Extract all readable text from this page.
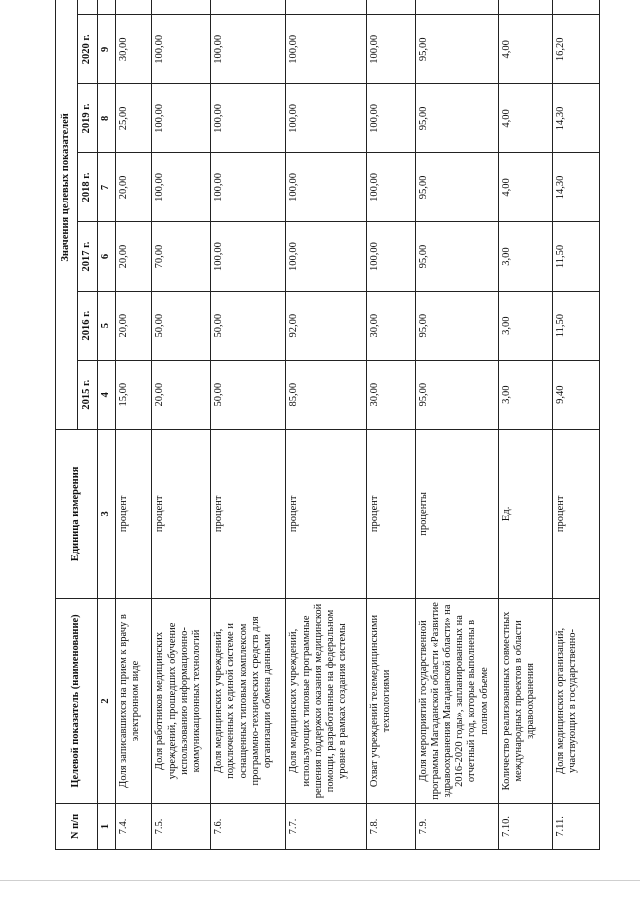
N п/п	Целевой показатель (наименование)	Единица измерения	Значения целевых показателей						
			2015 г.	2016 г.	2017 г.	2018 г.	2019 г.	2020 г.	
1	2	3	4	5	6	7	8	9	
7.4.	Доля записавшихся на прием к врачу в электронном виде	процент	15,00	20,00	20,00	20,00	25,00	30,00	
7.5.	Доля работников медицинских учреждений, прошедших обучение использованию информационно-коммуникационных технологий	процент	20,00	50,00	70,00	100,00	100,00	100,00	
7.6.	Доля медицинских учреждений, подключенных к единой системе и оснащенных типовым комплексом программно-технических средств для организации обмена данными	процент	50,00	50,00	100,00	100,00	100,00	100,00	
7.7.	Доля медицинских учреждений, использующих типовые программные решения поддержки оказания медицинской помощи, разработанные на федеральном уровне в рамках создания системы	процент	85,00	92,00	100,00	100,00	100,00	100,00	
7.8.	Охват учреждений телемедицинскими технологиями	процент	30,00	30,00	100,00	100,00	100,00	100,00	
7.9.	Доля мероприятий государственной программы Магаданской области «Развитие здравоохранения Магаданской области» на 2016-2020 годы», запланированных на отчетный год, которые выполнены в полном объеме	проценты	95,00	95,00	95,00	95,00	95,00	95,00	
7.10.	Количество реализованных совместных международных проектов в области здравоохранения	Ед.	3,00	3,00	3,00	4,00	4,00	4,00	
7.11.	Доля медицинских организаций, участвующих в государственно-	процент	9,40	11,50	11,50	14,30	14,30	16,20	
